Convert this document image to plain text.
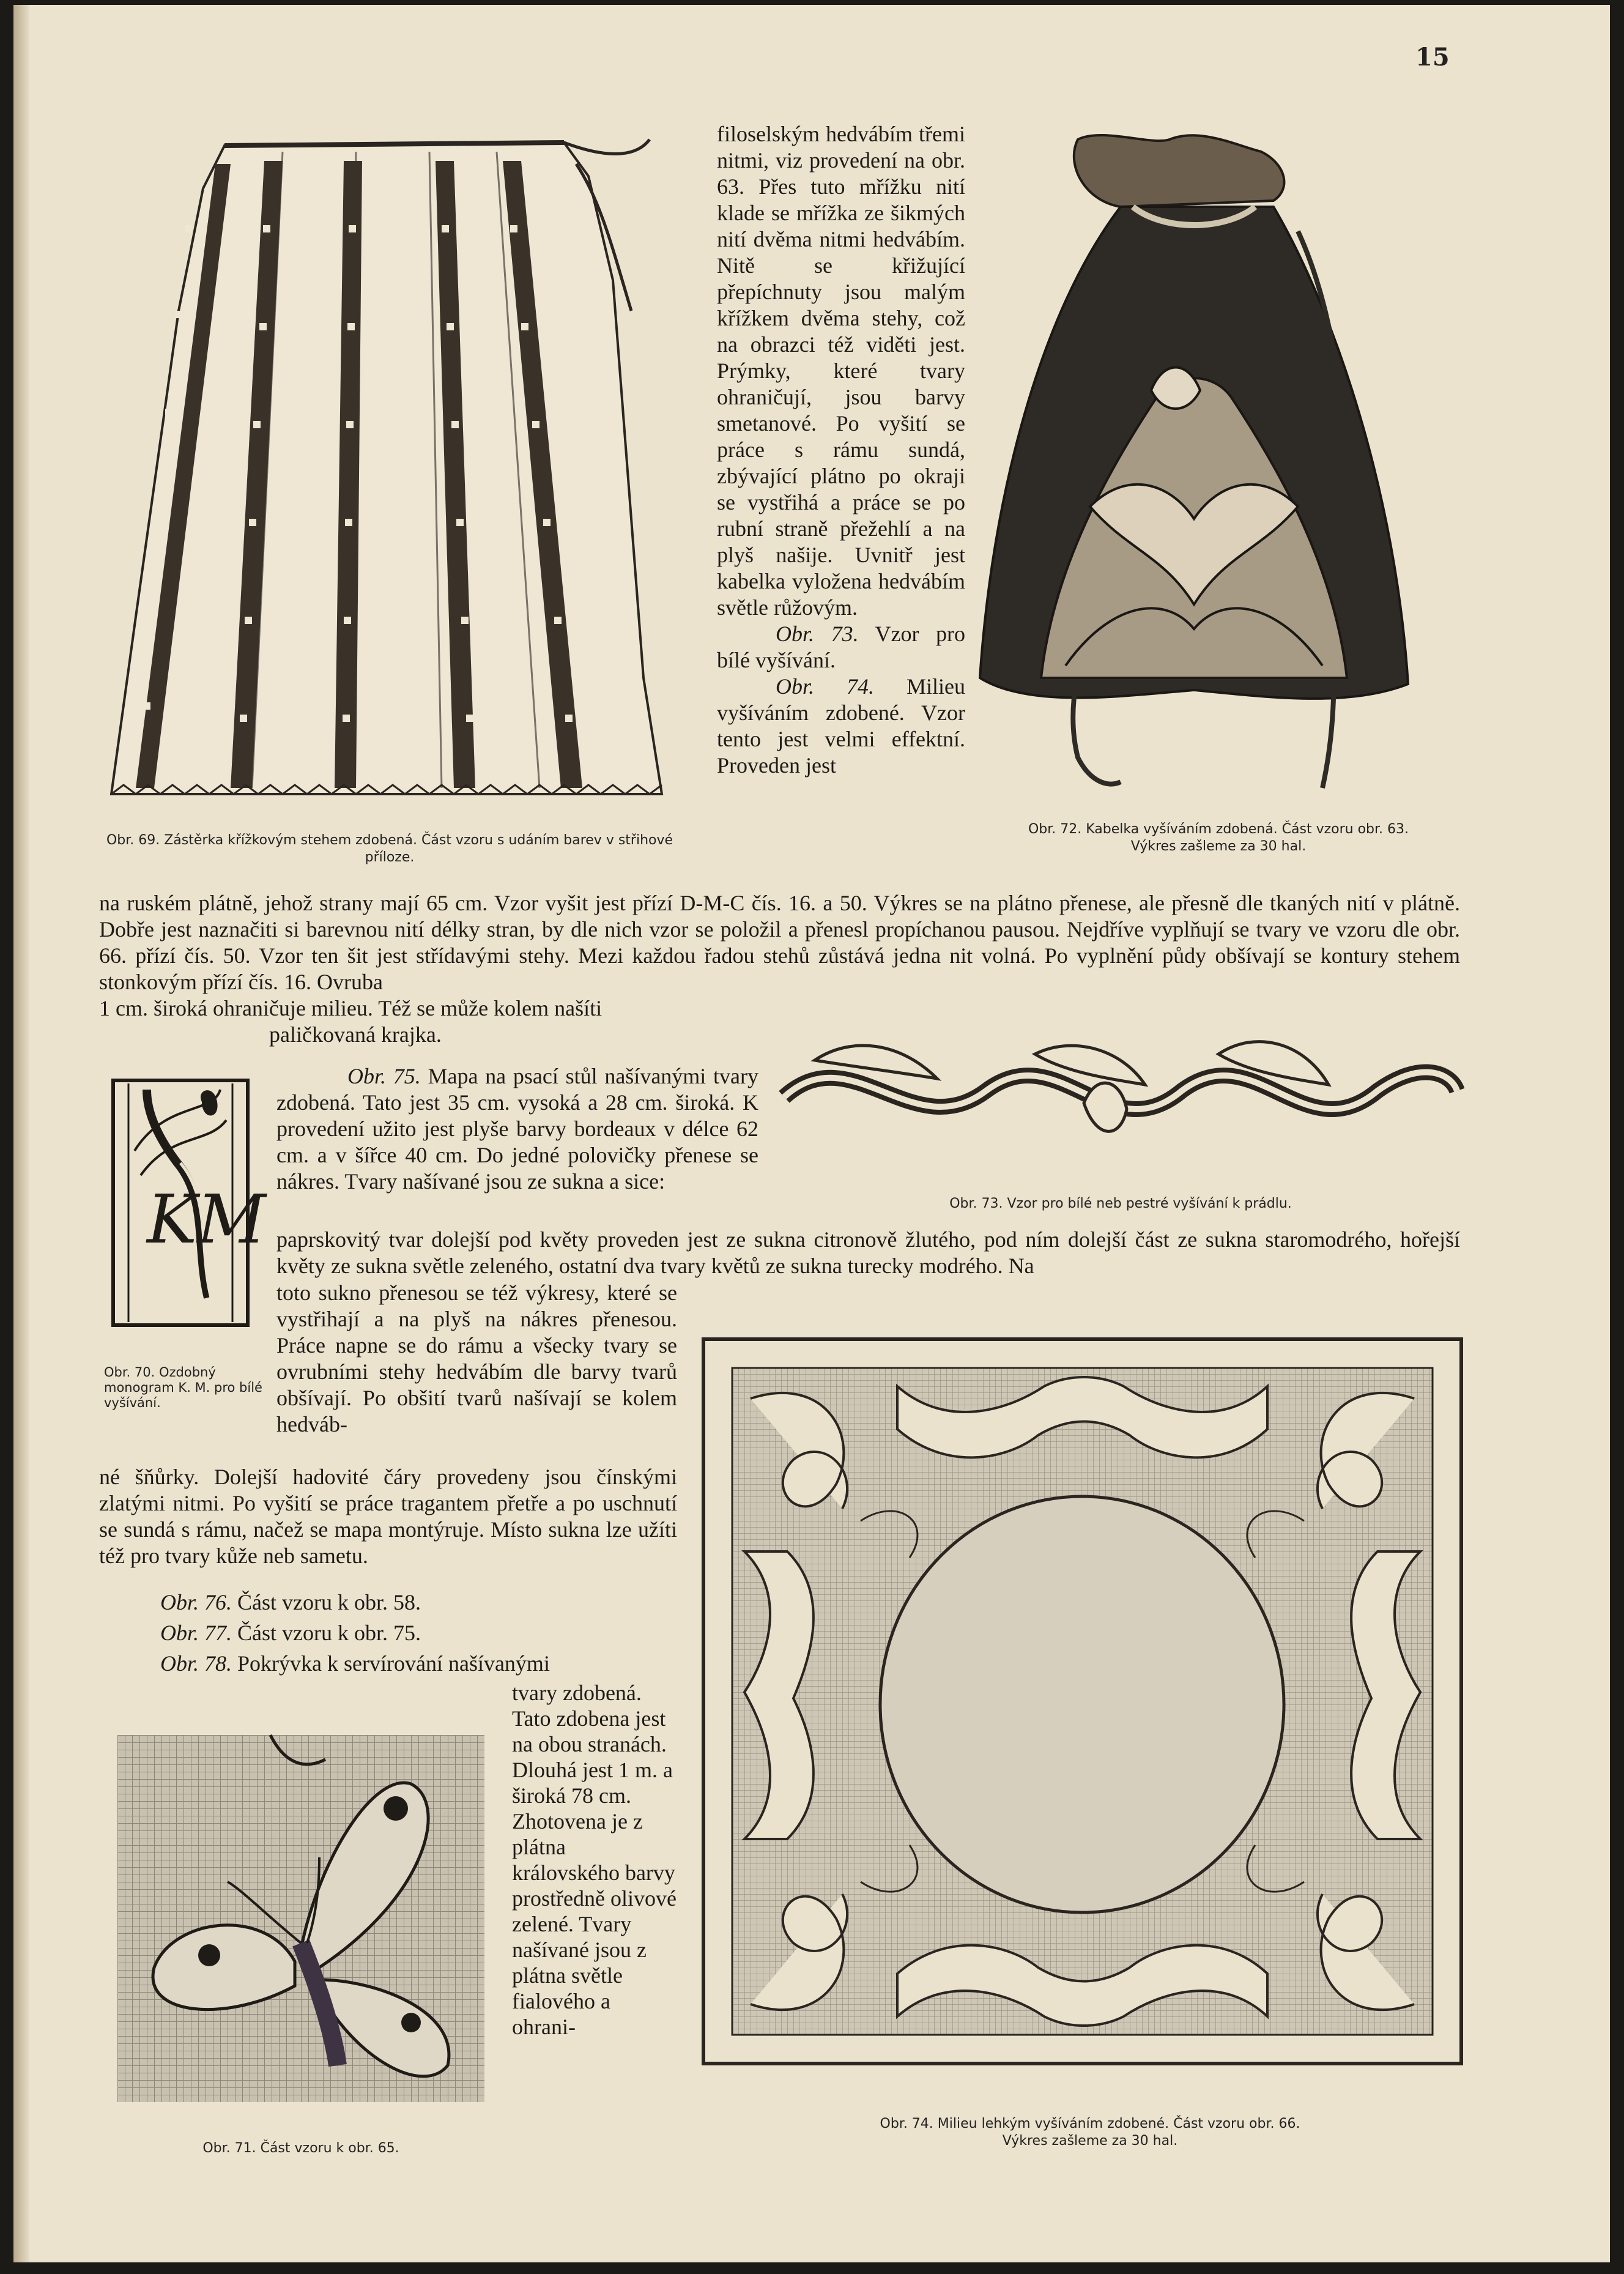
15
Obr. 69. Zástěrka křížkovým stehem zdobená. Část vzoru s udáním barev v střihové příloze.

filoselským hedvábím třemi nitmi, viz provedení na obr. 63. Přes tuto mřížku nití klade se mřížka ze šikmých nití dvěma nitmi hedvábím. Nitě se křižující přepíchnuty jsou malým křížkem dvěma stehy, což na obrazci též viděti jest. Prýmky, které tvary ohraničují, jsou barvy smetanové. Po vyšití se práce s rámu sundá, zbývající plátno po okraji se vystřihá a práce se po rubní straně přežehlí a na plyš našije. Uvnitř jest kabelka vyložena hedvábím světle růžovým.

Obr. 73. Vzor pro bílé vyšívání.

Obr. 74. Milieu vyšíváním zdobené. Vzor tento jest velmi effektní. Proveden jest

Obr. 72. Kabelka vyšíváním zdobená. Část vzoru obr. 63.
Výkres zašleme za 30 hal.
na ruském plátně, jehož strany mají 65 cm. Vzor vyšit jest přízí D-M-C čís. 16. a 50. Výkres se na plátno přenese, ale přesně dle tkaných nití v plátně. Dobře jest naznačiti si barevnou nití délky stran, by dle nich vzor se položil a přenesl propíchanou pausou. Nejdříve vyplňují se tvary ve vzoru dle obr. 66. přízí čís. 50. Vzor ten šit jest střídavými stehy. Mezi každou řadou stehů zůstává jedna nit volná. Po vyplnění půdy obšívají se kontury stehem stonkovým přízí čís. 16. Ovruba
1 cm. široká ohraničuje milieu. Též se může kolem našíti
paličkovaná krajka.
Obr. 73. Vzor pro bílé neb pestré vyšívání k prádlu.
KM
Obr. 70. Ozdobný monogram K. M. pro bílé vyšívání.

Obr. 75. Mapa na psací stůl našívanými tvary zdobená. Tato jest 35 cm. vysoká a 28 cm. široká. K provedení užito jest plyše barvy bordeaux v délce 62 cm. a v šířce 40 cm. Do jedné polovičky přenese se nákres. Tvary našívané jsou ze sukna a sice:

paprskovitý tvar dolejší pod květy proveden jest ze sukna citronově žlutého, pod ním dolejší část ze sukna staromodrého, hořejší květy ze sukna světle zeleného, ostatní dva tvary květů ze sukna turecky modrého. Na
toto sukno přenesou se též výkresy, které se vystřihají a na plyš na nákres přenesou. Práce napne se do rámu a všecky tvary se ovrubními stehy hedvábím dle barvy tvarů obšívají. Po obšití tvarů našívají se kolem hedváb-
né šňůrky. Dolejší hadovité čáry provedeny jsou čínskými zlatými nitmi. Po vyšití se práce tragantem přetře a po uschnutí se sundá s rámu, načež se mapa montýruje. Místo sukna lze užíti též pro tvary kůže neb sametu.
Obr. 76. Část vzoru k obr. 58.
Obr. 77. Část vzoru k obr. 75.
Obr. 78. Pokrývka k servírování našívanými
tvary zdobená. Tato zdobena jest na obou stranách. Dlouhá jest 1 m. a široká 78 cm. Zhotovena je z plátna královského barvy prostředně olivové zelené. Tvary našívané jsou z plátna světle fialového a ohrani-
Obr. 71. Část vzoru k obr. 65.
Obr. 74. Milieu lehkým vyšíváním zdobené. Část vzoru obr. 66.
Výkres zašleme za 30 hal.
